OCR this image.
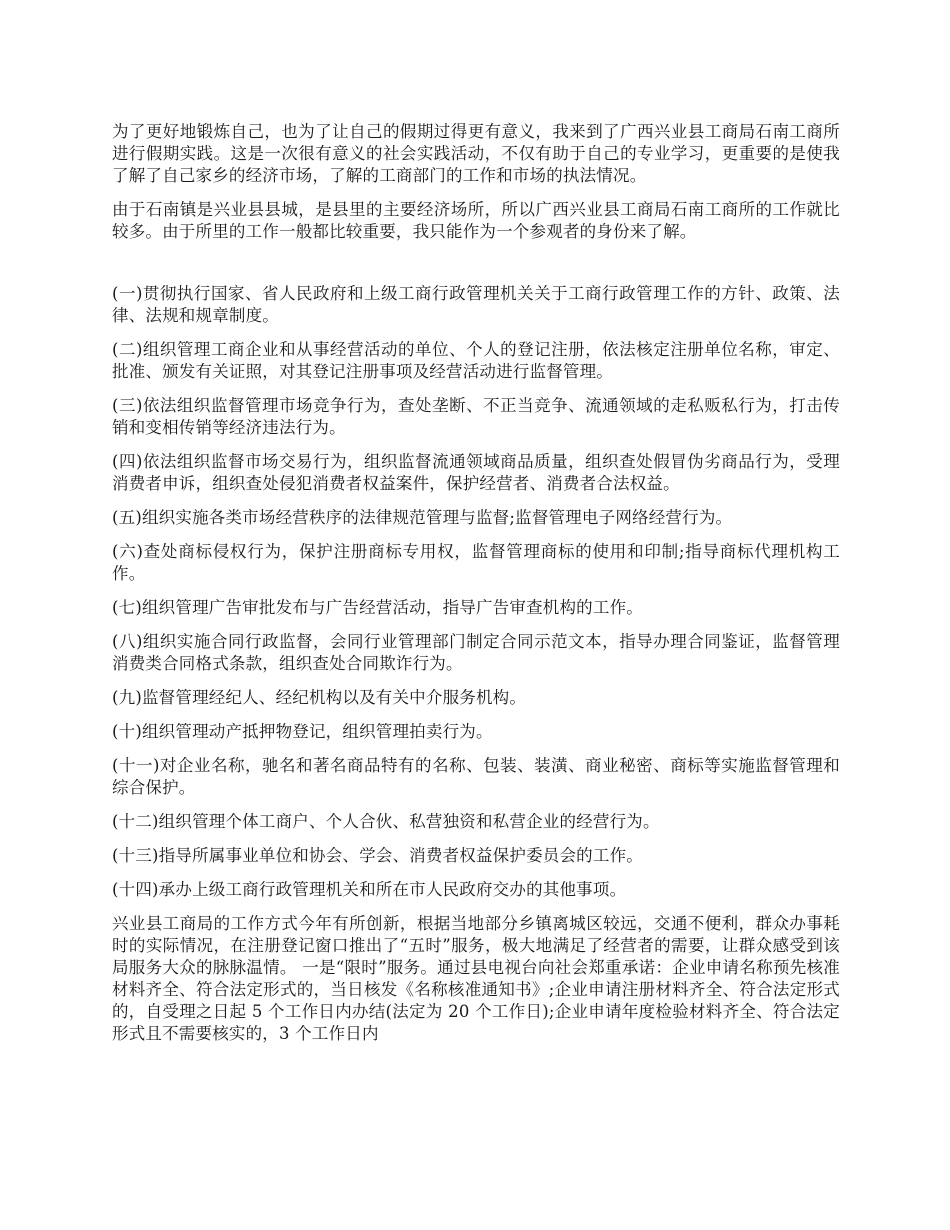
为了更好地锻炼自己，也为了让自己的假期过得更有意义，我来到了广西兴业县工商局石南工商所进行假期实践。这是一次很有意义的社会实践活动，不仅有助于自己的专业学习，更重要的是使我了解了自己家乡的经济市场，了解的工商部门的工作和市场的执法情况。

由于石南镇是兴业县县城，是县里的主要经济场所，所以广西兴业县工商局石南工商所的工作就比较多。由于所里的工作一般都比较重要，我只能作为一个参观者的身份来了解。

(一)贯彻执行国家、省人民政府和上级工商行政管理机关关于工商行政管理工作的方针、政策、法律、法规和规章制度。

(二)组织管理工商企业和从事经营活动的单位、个人的登记注册，依法核定注册单位名称，审定、批准、颁发有关证照，对其登记注册事项及经营活动进行监督管理。

(三)依法组织监督管理市场竞争行为，查处垄断、不正当竞争、流通领域的走私贩私行为，打击传销和变相传销等经济违法行为。

(四)依法组织监督市场交易行为，组织监督流通领域商品质量，组织查处假冒伪劣商品行为，受理消费者申诉，组织查处侵犯消费者权益案件，保护经营者、消费者合法权益。

(五)组织实施各类市场经营秩序的法律规范管理与监督;监督管理电子网络经营行为。

(六)查处商标侵权行为，保护注册商标专用权，监督管理商标的使用和印制;指导商标代理机构工作。

(七)组织管理广告审批发布与广告经营活动，指导广告审查机构的工作。

(八)组织实施合同行政监督，会同行业管理部门制定合同示范文本，指导办理合同鉴证，监督管理消费类合同格式条款，组织查处合同欺诈行为。

(九)监督管理经纪人、经纪机构以及有关中介服务机构。

(十)组织管理动产抵押物登记，组织管理拍卖行为。

(十一)对企业名称，驰名和著名商品特有的名称、包装、装潢、商业秘密、商标等实施监督管理和综合保护。

(十二)组织管理个体工商户、个人合伙、私营独资和私营企业的经营行为。

(十三)指导所属事业单位和协会、学会、消费者权益保护委员会的工作。

(十四)承办上级工商行政管理机关和所在市人民政府交办的其他事项。

兴业县工商局的工作方式今年有所创新，根据当地部分乡镇离城区较远，交通不便利，群众办事耗时的实际情况，在注册登记窗口推出了“五时”服务，极大地满足了经营者的需要，让群众感受到该局服务大众的脉脉温情。 一是“限时”服务。通过县电视台向社会郑重承诺：企业申请名称预先核准材料齐全、符合法定形式的，当日核发《名称核准通知书》;企业申请注册材料齐全、符合法定形式的，自受理之日起 5 个工作日内办结(法定为 20 个工作日);企业申请年度检验材料齐全、符合法定形式且不需要核实的，3 个工作日内
